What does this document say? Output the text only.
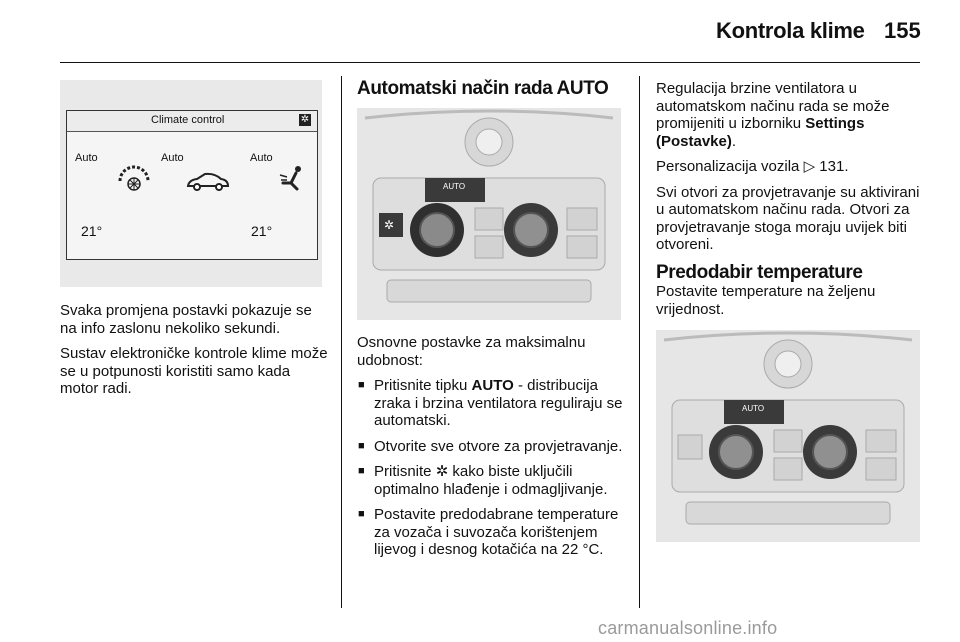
Kontrola klime 155
Climate control	✲
Auto	Auto	Auto
21°	21°

Svaka promjena postavki pokazuje se na info zaslonu nekoliko sekundi.

Sustav elektroničke kontrole klime može se u potpunosti koristiti samo kada motor radi.

Automatski način rada AUTO
AUTO
✲

Osnovne postavke za maksimalnu udobnost:

■ Pritisnite tipku AUTO - distribucija zraka i brzina ventilatora reguliraju se automatski.
■ Otvorite sve otvore za provjetravanje.
■ Pritisnite ✲ kako biste uključili optimalno hlađenje i odmagljivanje.
■ Postavite predodabrane temperature za vozača i suvozača korištenjem lijevog i desnog kotačića na 22 °C.

Regulacija brzine ventilatora u automatskom načinu rada se može promijeniti u izborniku Settings (Postavke).

Personalizacija vozila ▷ 131.

Svi otvori za provjetravanje su aktivirani u automatskom načinu rada. Otvori za provjetravanje stoga moraju uvijek biti otvoreni.

Predodabir temperature

Postavite temperature na željenu vrijednost.

AUTO
carmanualsonline.info
